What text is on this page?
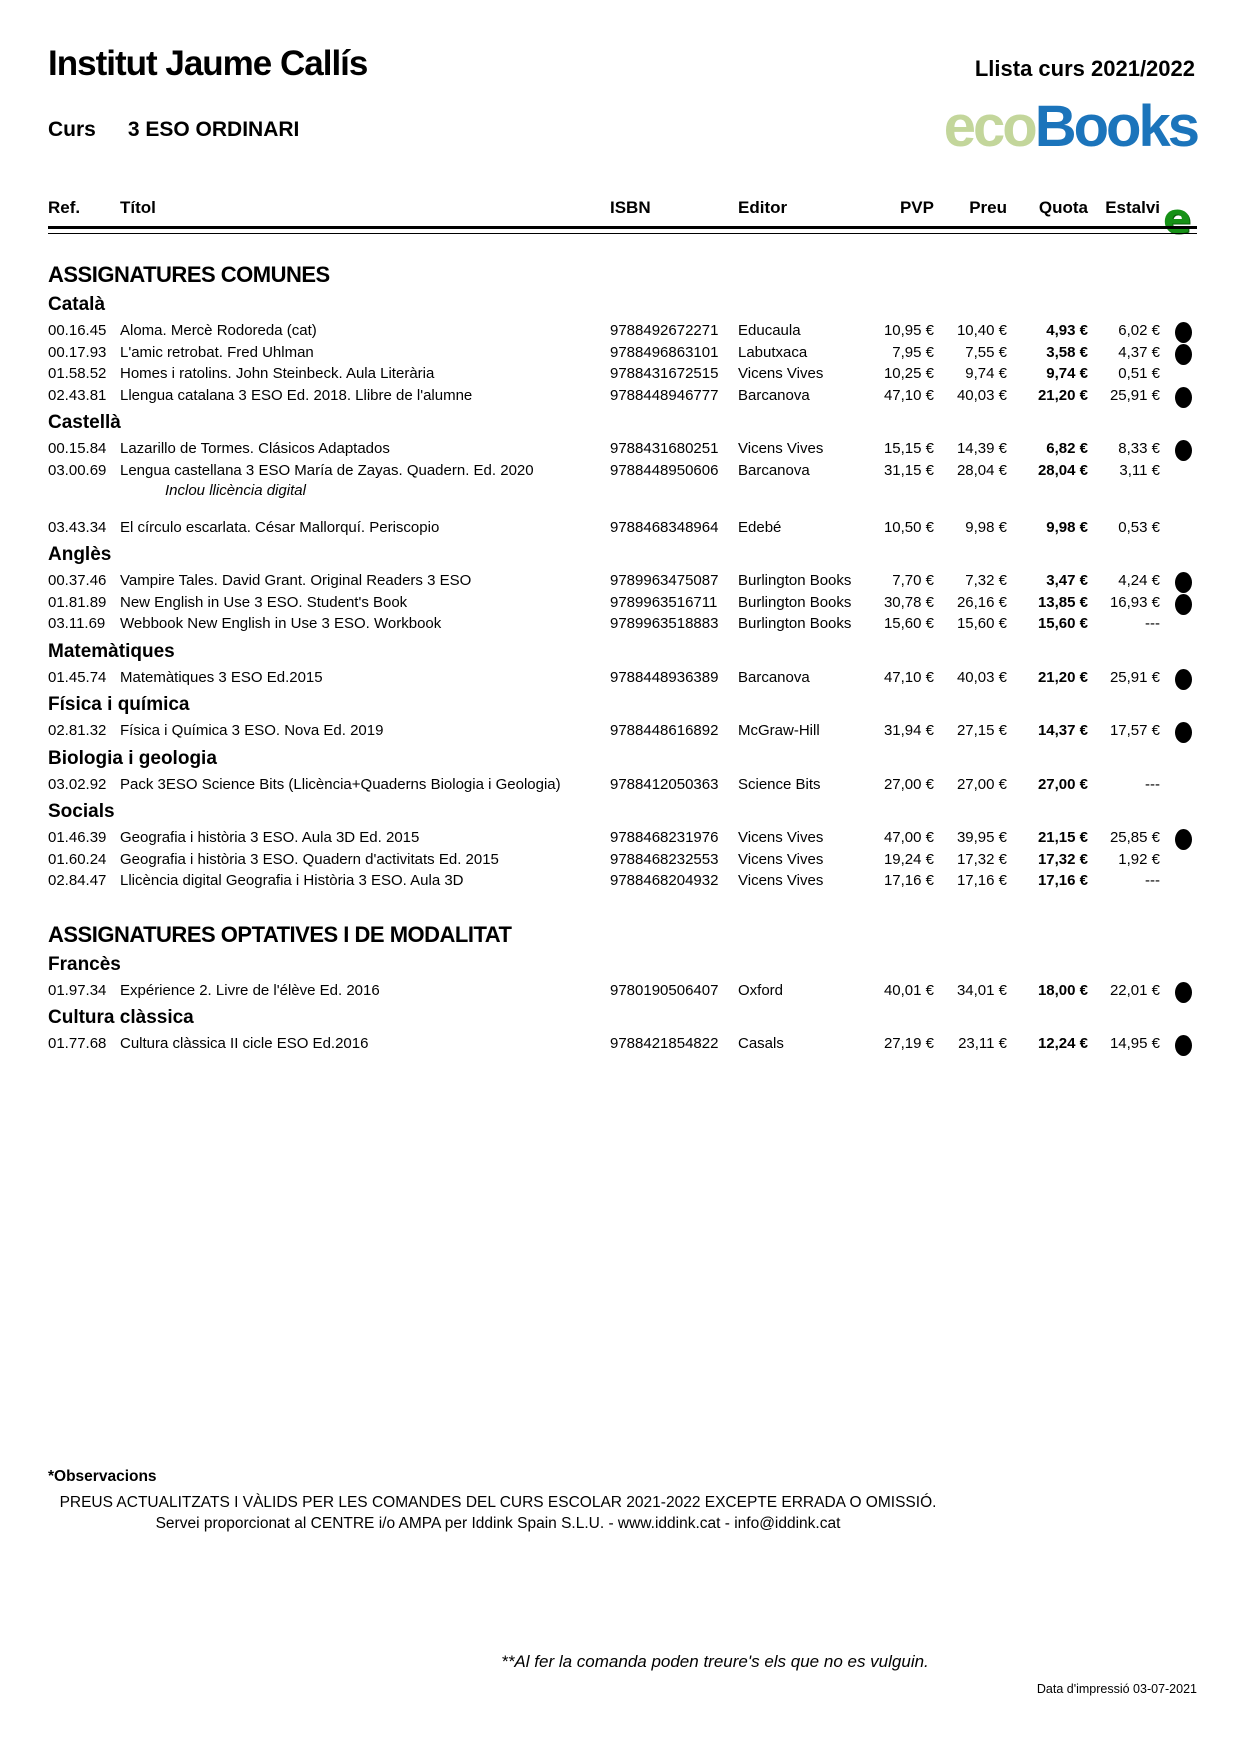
Institut Jaume Callís	Llista curs 2021/2022
Curs 3 ESO ORDINARI	ecoBooks
Ref. Títol	ISBN	Editor	PVP	Preu	Quota	Estalvi e
ASSIGNATURES COMUNES
Català
00.16.45 Aloma. Mercè Rodoreda (cat)	9788492672271	Educaula	10,95 €	10,40 €	4,93 €	6,02 €
00.17.93 L'amic retrobat. Fred Uhlman	9788496863101	Labutxaca	7,95 €	7,55 €	3,58 €	4,37 €
01.58.52 Homes i ratolins. John Steinbeck. Aula Literària	9788431672515	Vicens Vives	10,25 €	9,74 €	9,74 €	0,51 €
02.43.81 Llengua catalana 3 ESO Ed. 2018. Llibre de l'alumne	9788448946777	Barcanova	47,10 €	40,03 €	21,20 €	25,91 €
Castellà
00.15.84 Lazarillo de Tormes. Clásicos Adaptados	9788431680251	Vicens Vives	15,15 €	14,39 €	6,82 €	8,33 €
03.00.69 Lengua castellana 3 ESO María de Zayas. Quadern. Ed. 2020	9788448950606	Barcanova	31,15 €	28,04 €	28,04 €	3,11 €
Inclou llicència digital
03.43.34 El círculo escarlata. César Mallorquí. Periscopio	9788468348964	Edebé	10,50 €	9,98 €	9,98 €	0,53 €
Anglès
00.37.46 Vampire Tales. David Grant. Original Readers 3 ESO	9789963475087	Burlington Books	7,70 €	7,32 €	3,47 €	4,24 €
01.81.89 New English in Use 3 ESO. Student's Book	9789963516711	Burlington Books	30,78 €	26,16 €	13,85 €	16,93 €
03.11.69 Webbook New English in Use 3 ESO. Workbook	9789963518883	Burlington Books	15,60 €	15,60 €	15,60 €	---
Matemàtiques
01.45.74 Matemàtiques 3 ESO Ed.2015	9788448936389	Barcanova	47,10 €	40,03 €	21,20 €	25,91 €
Física i química
02.81.32 Física i Química 3 ESO. Nova Ed. 2019	9788448616892	McGraw-Hill	31,94 €	27,15 €	14,37 €	17,57 €
Biologia i geologia
03.02.92 Pack 3ESO Science Bits (Llicència+Quaderns Biologia i Geologia)	9788412050363	Science Bits	27,00 €	27,00 €	27,00 €	---
Socials
01.46.39 Geografia i història 3 ESO. Aula 3D Ed. 2015	9788468231976	Vicens Vives	47,00 €	39,95 €	21,15 €	25,85 €
01.60.24 Geografia i història 3 ESO. Quadern d'activitats Ed. 2015	9788468232553	Vicens Vives	19,24 €	17,32 €	17,32 €	1,92 €
02.84.47 Llicència digital Geografia i Història 3 ESO. Aula 3D	9788468204932	Vicens Vives	17,16 €	17,16 €	17,16 €	---
ASSIGNATURES OPTATIVES I DE MODALITAT
Francès
01.97.34 Expérience 2. Livre de l'élève Ed. 2016	9780190506407	Oxford	40,01 €	34,01 €	18,00 €	22,01 €
Cultura clàssica
01.77.68 Cultura clàssica II cicle ESO Ed.2016	9788421854822	Casals	27,19 €	23,11 €	12,24 €	14,95 €
*Observacions
PREUS ACTUALITZATS I VÀLIDS PER LES COMANDES DEL CURS ESCOLAR 2021-2022 EXCEPTE ERRADA O OMISSIÓ.
Servei proporcionat al CENTRE i/o AMPA per Iddink Spain S.L.U. - www.iddink.cat - info@iddink.cat
**Al fer la comanda poden treure's els que no es vulguin.
Data d'impressió 03-07-2021
